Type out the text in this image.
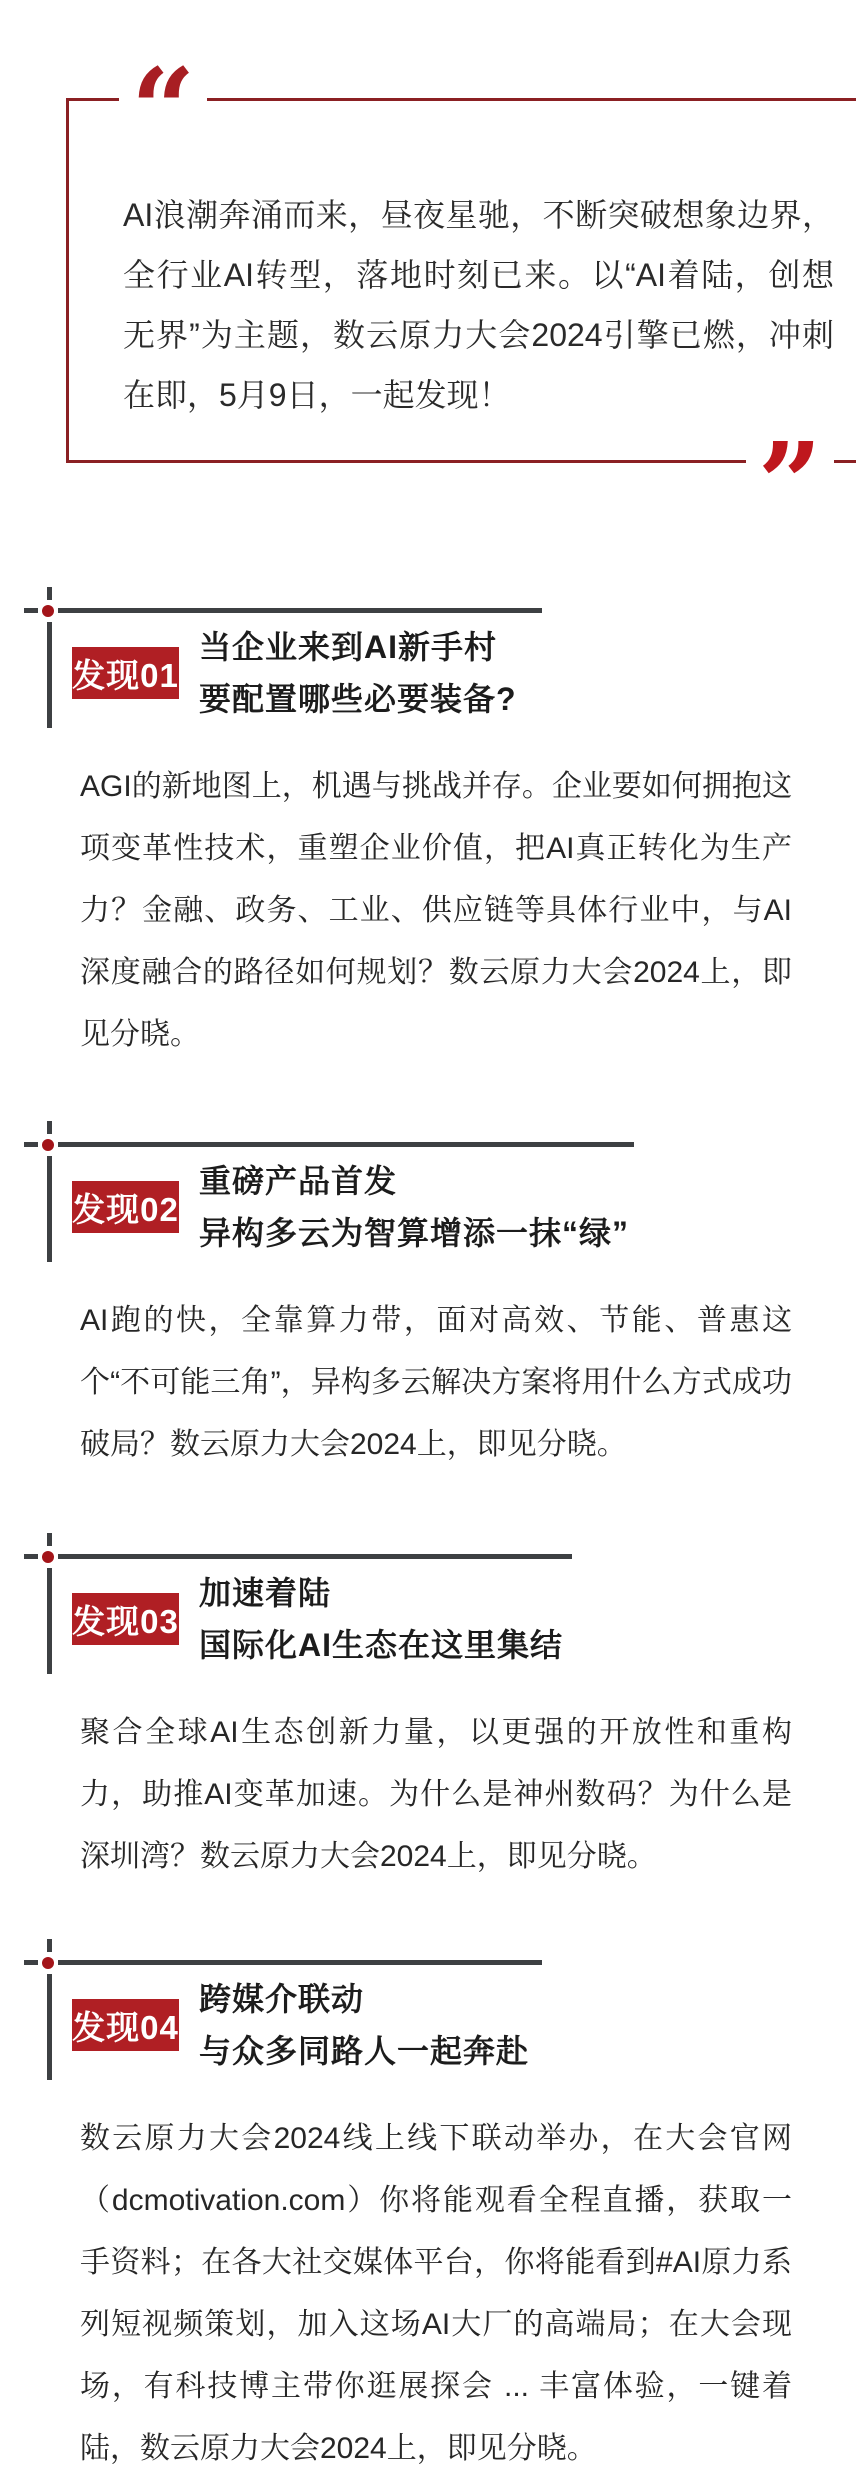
“
”

AI浪潮奔涌而来，昼夜星驰，不断突破想象边界，全行业AI转型，落地时刻已来。以“AI着陆，创想无界”为主题，数云原力大会2024引擎已燃，冲刺在即，5月9日，一起发现！

发现01
当企业来到AI新手村
要配置哪些必要装备?

AGI的新地图上，机遇与挑战并存。企业要如何拥抱这项变革性技术，重塑企业价值，把AI真正转化为生产力？金融、政务、工业、供应链等具体行业中，与AI深度融合的路径如何规划？数云原力大会2024上，即见分晓。

发现02
重磅产品首发
异构多云为智算增添一抹“绿”

AI跑的快，全靠算力带，面对高效、节能、普惠这个“不可能三角”，异构多云解决方案将用什么方式成功破局？数云原力大会2024上，即见分晓。

发现03
加速着陆
国际化AI生态在这里集结

聚合全球AI生态创新力量，以更强的开放性和重构力，助推AI变革加速。为什么是神州数码？为什么是深圳湾？数云原力大会2024上，即见分晓。

发现04
跨媒介联动
与众多同路人一起奔赴

数云原力大会2024线上线下联动举办，在大会官网（dcmotivation.com）你将能观看全程直播，获取一手资料；在各大社交媒体平台，你将能看到#AI原力系列短视频策划，加入这场AI大厂的高端局；在大会现场，有科技博主带你逛展探会 ... 丰富体验，一键着陆，数云原力大会2024上，即见分晓。
